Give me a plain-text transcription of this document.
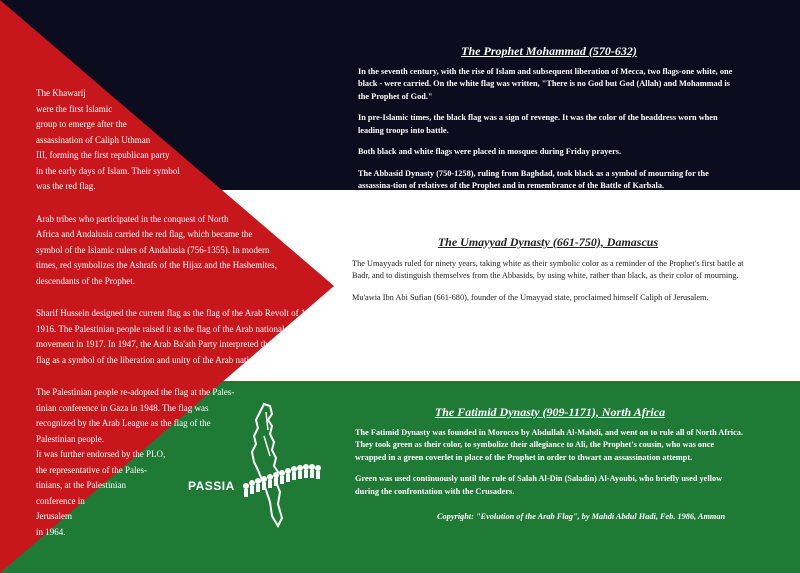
The Khawarij
were the first Islamic
group to emerge after the
assassination of Caliph Uthman
III, forming the first republican party
in the early days of Islam. Their symbol
was the red flag.

Arab tribes who participated in the conquest of North
Africa and Andalusia carried the red flag, which became the
symbol of the Islamic rulers of Andalusia (756-1355). In modern
times, red symbolizes the Ashrafs of the Hijaz and the Hashemites,
descendants of the Prophet.

Sharif Hussein designed the current flag as the flag of the Arab Revolt of 10 June
1916. The Palestinian people raised it as the flag of the Arab national
movement in 1917. In 1947, the Arab Ba'ath Party interpreted the
flag as a symbol of the liberation and unity of the Arab nation.

The Palestinian people re-adopted the flag at the Pales-
tinian conference in Gaza in 1948. The flag was
recognized by the Arab League as the flag of the
Palestinian people.
It was further endorsed by the PLO,
the representative of the Pales-
tinians, at the Palestinian
conference in
Jerusalem
in 1964.

The Prophet Mohammad (570-632)

In the seventh century, with the rise of Islam and subsequent liberation of Mecca, two flags-one white, one black - were carried. On the white flag was written, "There is no God but God (Allah) and Mohammad is the Prophet of God."

In pre-Islamic times, the black flag was a sign of revenge. It was the color of the headdress worn when leading troops into battle.

Both black and white flags were placed in mosques during Friday prayers.

The Abbasid Dynasty (750-1258), ruling from Baghdad, took black as a symbol of mourning for the assassina-tion of relatives of the Prophet and in remembrance of the Battle of Karbala.

The Umayyad Dynasty (661-750), Damascus

The Umayyads ruled for ninety years, taking white as their symbolic color as a reminder of the Prophet's first battle at Badr, and to distinguish themselves from the Abbasids, by using white, rather than black, as their color of mourning.

Mu'awia Ibn Abi Sufian (661-680), founder of the Umayyad state, proclaimed himself Caliph of Jerusalem.

The Fatimid Dynasty (909-1171), North Africa

The Fatimid Dynasty was founded in Morocco by Abdullah Al-Mahdi, and went on to rule all of North Africa. They took green as their color, to symbolize their allegiance to Ali, the Prophet's cousin, who was once wrapped in a green coverlet in place of the Prophet in order to thwart an assassination attempt.

Green was used continuously until the rule of Salah Al-Din (Saladin) Al-Ayoubi, who briefly used yellow during the confrontation with the Crusaders.

Copyright: "Evolution of the Arab Flag", by Mahdi Abdul Hadi, Feb. 1986, Amman
PASSIA
